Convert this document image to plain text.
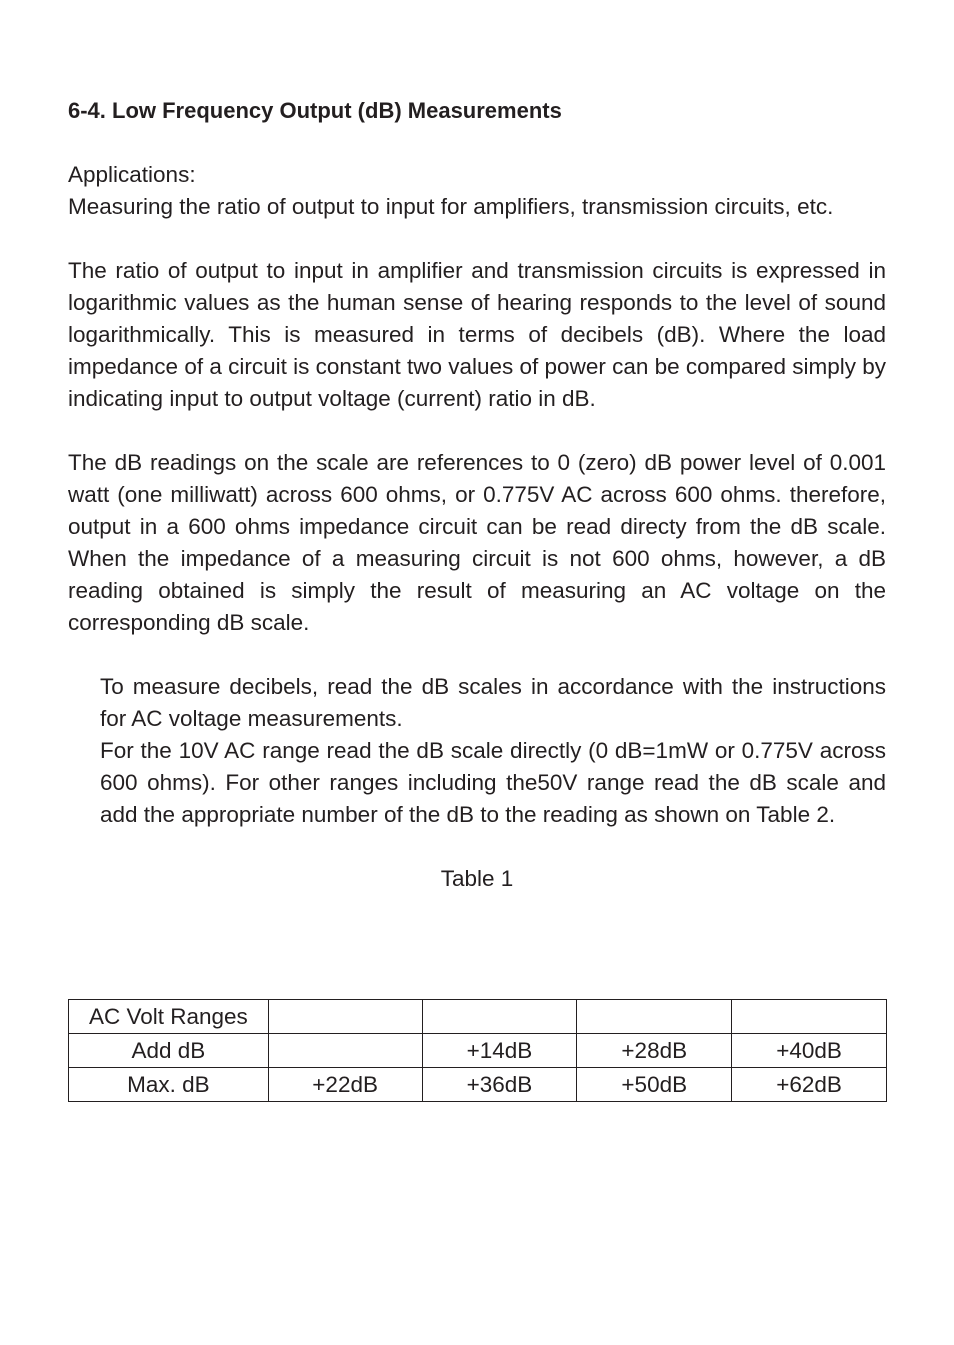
6-4. Low Frequency Output (dB) Measurements

Applications:

Measuring the ratio of output to input for amplifiers, transmission circuits, etc.

The ratio of output to input in amplifier and transmission circuits is expressed in logarithmic values as the human sense of hearing responds to the level of sound logarithmically. This is measured in terms of decibels (dB). Where the load impedance of a circuit is constant two values of power can be compared simply by indicating input to output voltage (current) ratio in dB.

The dB readings on the scale are references to 0 (zero) dB power level of 0.001 watt (one milliwatt) across 600 ohms, or 0.775V AC across 600 ohms. therefore, output in a 600 ohms impedance circuit can be read directy from the dB scale. When the impedance of a measuring circuit is not 600 ohms, however, a dB reading obtained is simply the result of measuring an AC voltage on the corresponding dB scale.

To measure decibels, read the dB scales in accordance with the instructions for AC voltage measurements.

For the 10V AC range read the dB scale directly (0 dB=1mW or 0.775V across 600 ohms). For other ranges including the50V range read the dB scale and add the appropriate number of the dB to the reading as shown on Table 2.

Table 1

AC Volt Ranges				
Add dB		+14dB	+28dB	+40dB
Max. dB	+22dB	+36dB	+50dB	+62dB
